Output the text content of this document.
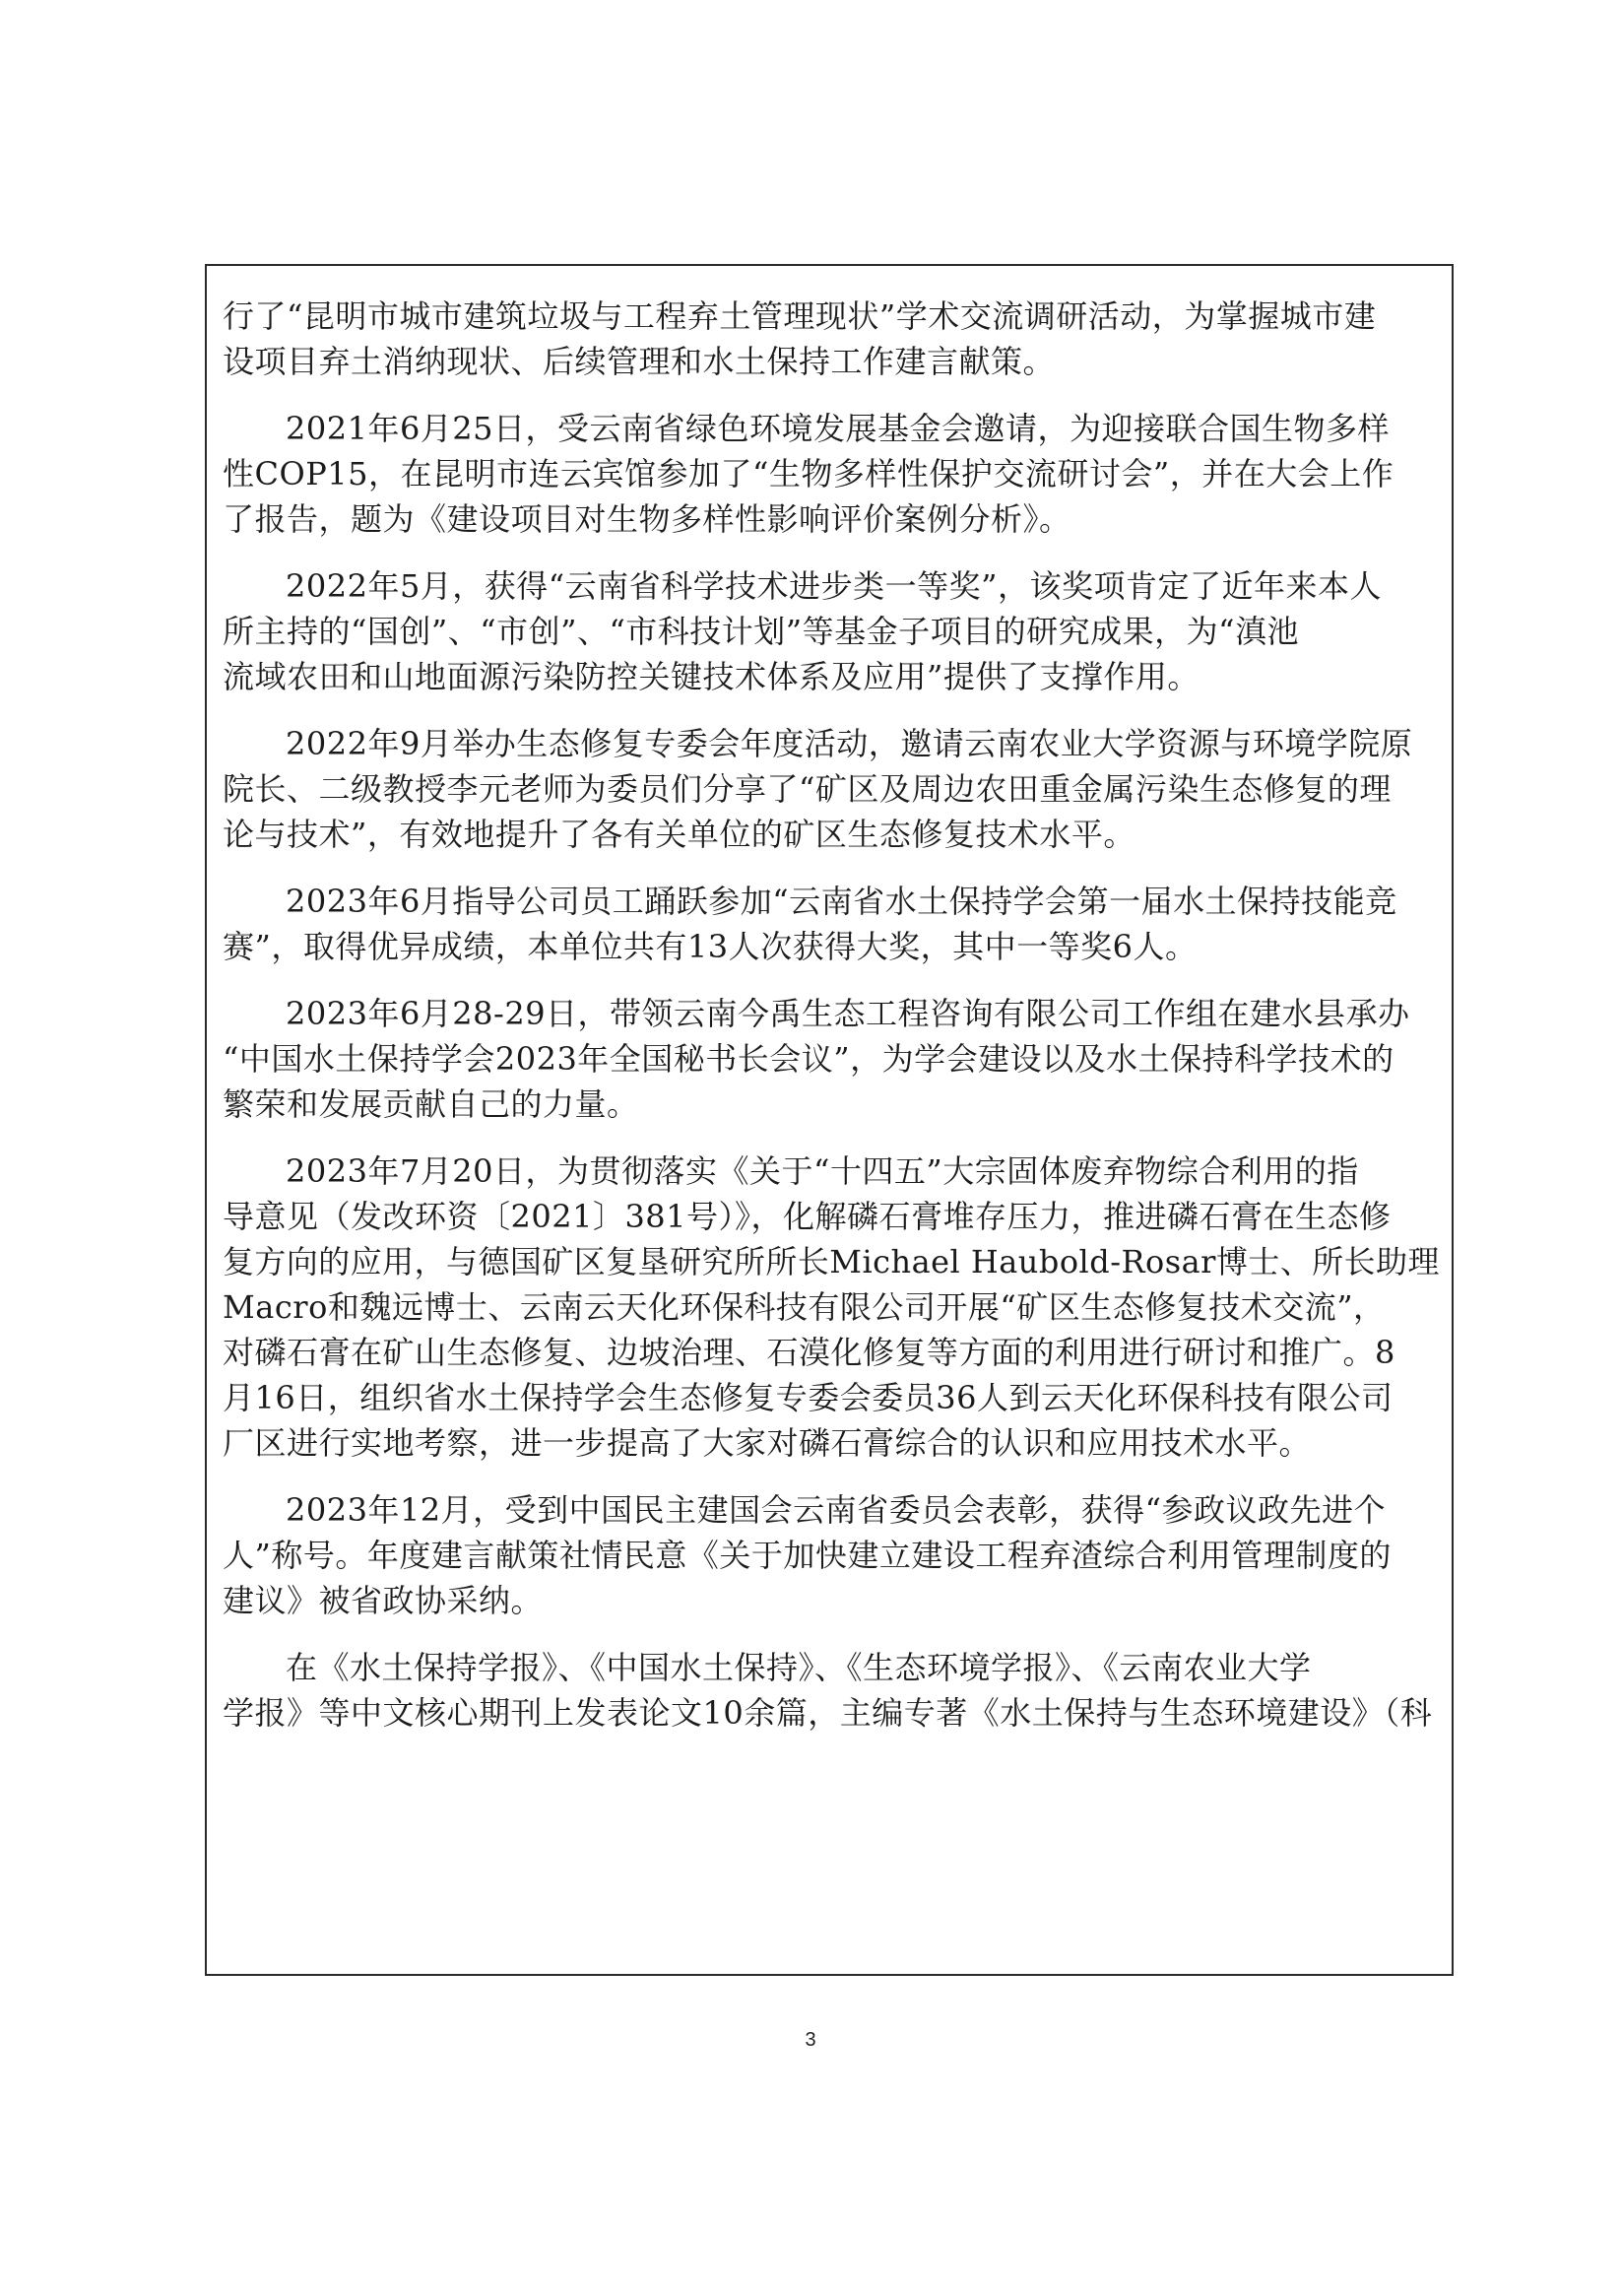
行了“昆明市城市建筑垃圾与工程弃土管理现状”学术交流调研活动，为掌握城市建
设项目弃土消纳现状、后续管理和水土保持工作建言献策。
2021年6月25日，受云南省绿色环境发展基金会邀请，为迎接联合国生物多样
性COP15，在昆明市连云宾馆参加了“生物多样性保护交流研讨会”，并在大会上作
了报告，题为《建设项目对生物多样性影响评价案例分析》。
2022年5月，获得“云南省科学技术进步类一等奖”，该奖项肯定了近年来本人
所主持的“国创”、“市创”、“市科技计划”等基金子项目的研究成果，为“滇池
流域农田和山地面源污染防控关键技术体系及应用”提供了支撑作用。
2022年9月举办生态修复专委会年度活动，邀请云南农业大学资源与环境学院原
院长、二级教授李元老师为委员们分享了“矿区及周边农田重金属污染生态修复的理
论与技术”，有效地提升了各有关单位的矿区生态修复技术水平。
2023年6月指导公司员工踊跃参加“云南省水土保持学会第一届水土保持技能竞
赛”，取得优异成绩，本单位共有13人次获得大奖，其中一等奖6人。
2023年6月28-29日，带领云南今禹生态工程咨询有限公司工作组在建水县承办
“中国水土保持学会2023年全国秘书长会议”，为学会建设以及水土保持科学技术的
繁荣和发展贡献自己的力量。
2023年7月20日，为贯彻落实《关于“十四五”大宗固体废弃物综合利用的指
导意见（发改环资〔2021〕381号）》，化解磷石膏堆存压力，推进磷石膏在生态修
复方向的应用，与德国矿区复垦研究所所长Michael Haubold-Rosar博士、所长助理
Macro和魏远博士、云南云天化环保科技有限公司开展“矿区生态修复技术交流”，
对磷石膏在矿山生态修复、边坡治理、石漠化修复等方面的利用进行研讨和推广。8
月16日，组织省水土保持学会生态修复专委会委员36人到云天化环保科技有限公司
厂区进行实地考察，进一步提高了大家对磷石膏综合的认识和应用技术水平。
2023年12月，受到中国民主建国会云南省委员会表彰，获得“参政议政先进个
人”称号。年度建言献策社情民意《关于加快建立建设工程弃渣综合利用管理制度的
建议》被省政协采纳。
在《水土保持学报》、《中国水土保持》、《生态环境学报》、《云南农业大学
学报》等中文核心期刊上发表论文10余篇，主编专著《水土保持与生态环境建设》（科
3
